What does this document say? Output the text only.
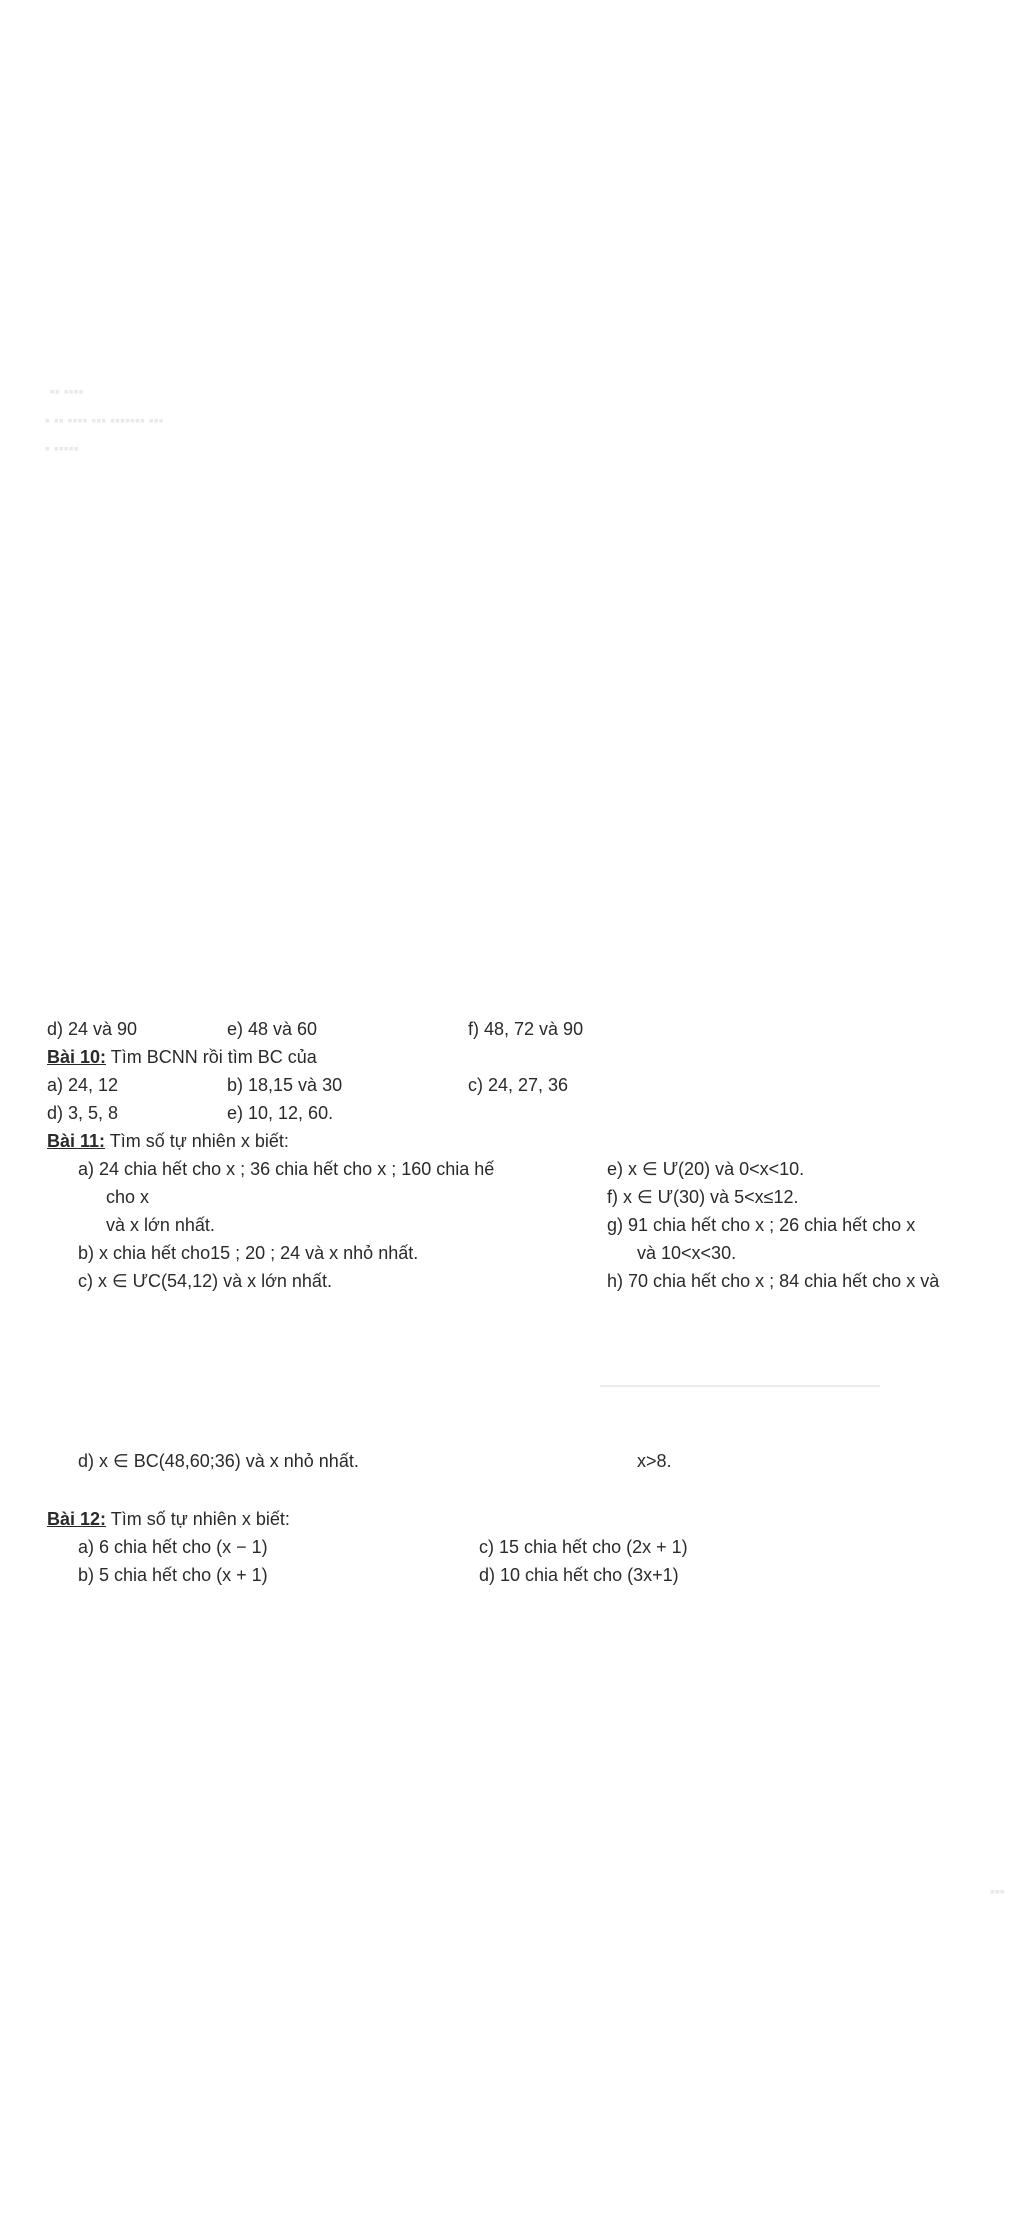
▪▪ ▪▪▪▪
▪ ▪▪ ▪▪▪▪ ▪▪▪ ▪▪▪▪▪▪▪ ▪▪▪
▪ ▪▪▪▪▪
▪▪▪
d) 24 và 90	e) 48 và 60	f) 48, 72 và 90
Bài 10: Tìm BCNN rồi tìm BC của
a) 24, 12	b) 18,15 và 30	c) 24, 27, 36
d) 3, 5, 8	e) 10, 12, 60.
Bài 11: Tìm số tự nhiên x biết:
a) 24 chia hết cho x ; 36 chia hết cho x ; 160 chia hế
cho x
và x lớn nhất.
b) x chia hết cho15 ; 20 ; 24 và x nhỏ nhất.
c) x ∈ ƯC(54,12) và x lớn nhất.
e) x ∈ Ư(20) và 0<x<10.
f) x ∈ Ư(30) và 5<x≤12.
g) 91 chia hết cho x ; 26 chia hết cho x
và 10<x<30.
h) 70 chia hết cho x ; 84 chia hết cho x và
d) x ∈ BC(48,60;36) và x nhỏ nhất.	x>8.
Bài 12: Tìm số tự nhiên x biết:
a) 6 chia hết cho (x − 1)	c) 15 chia hết cho (2x + 1)
b) 5 chia hết cho (x + 1)	d) 10 chia hết cho (3x+1)
